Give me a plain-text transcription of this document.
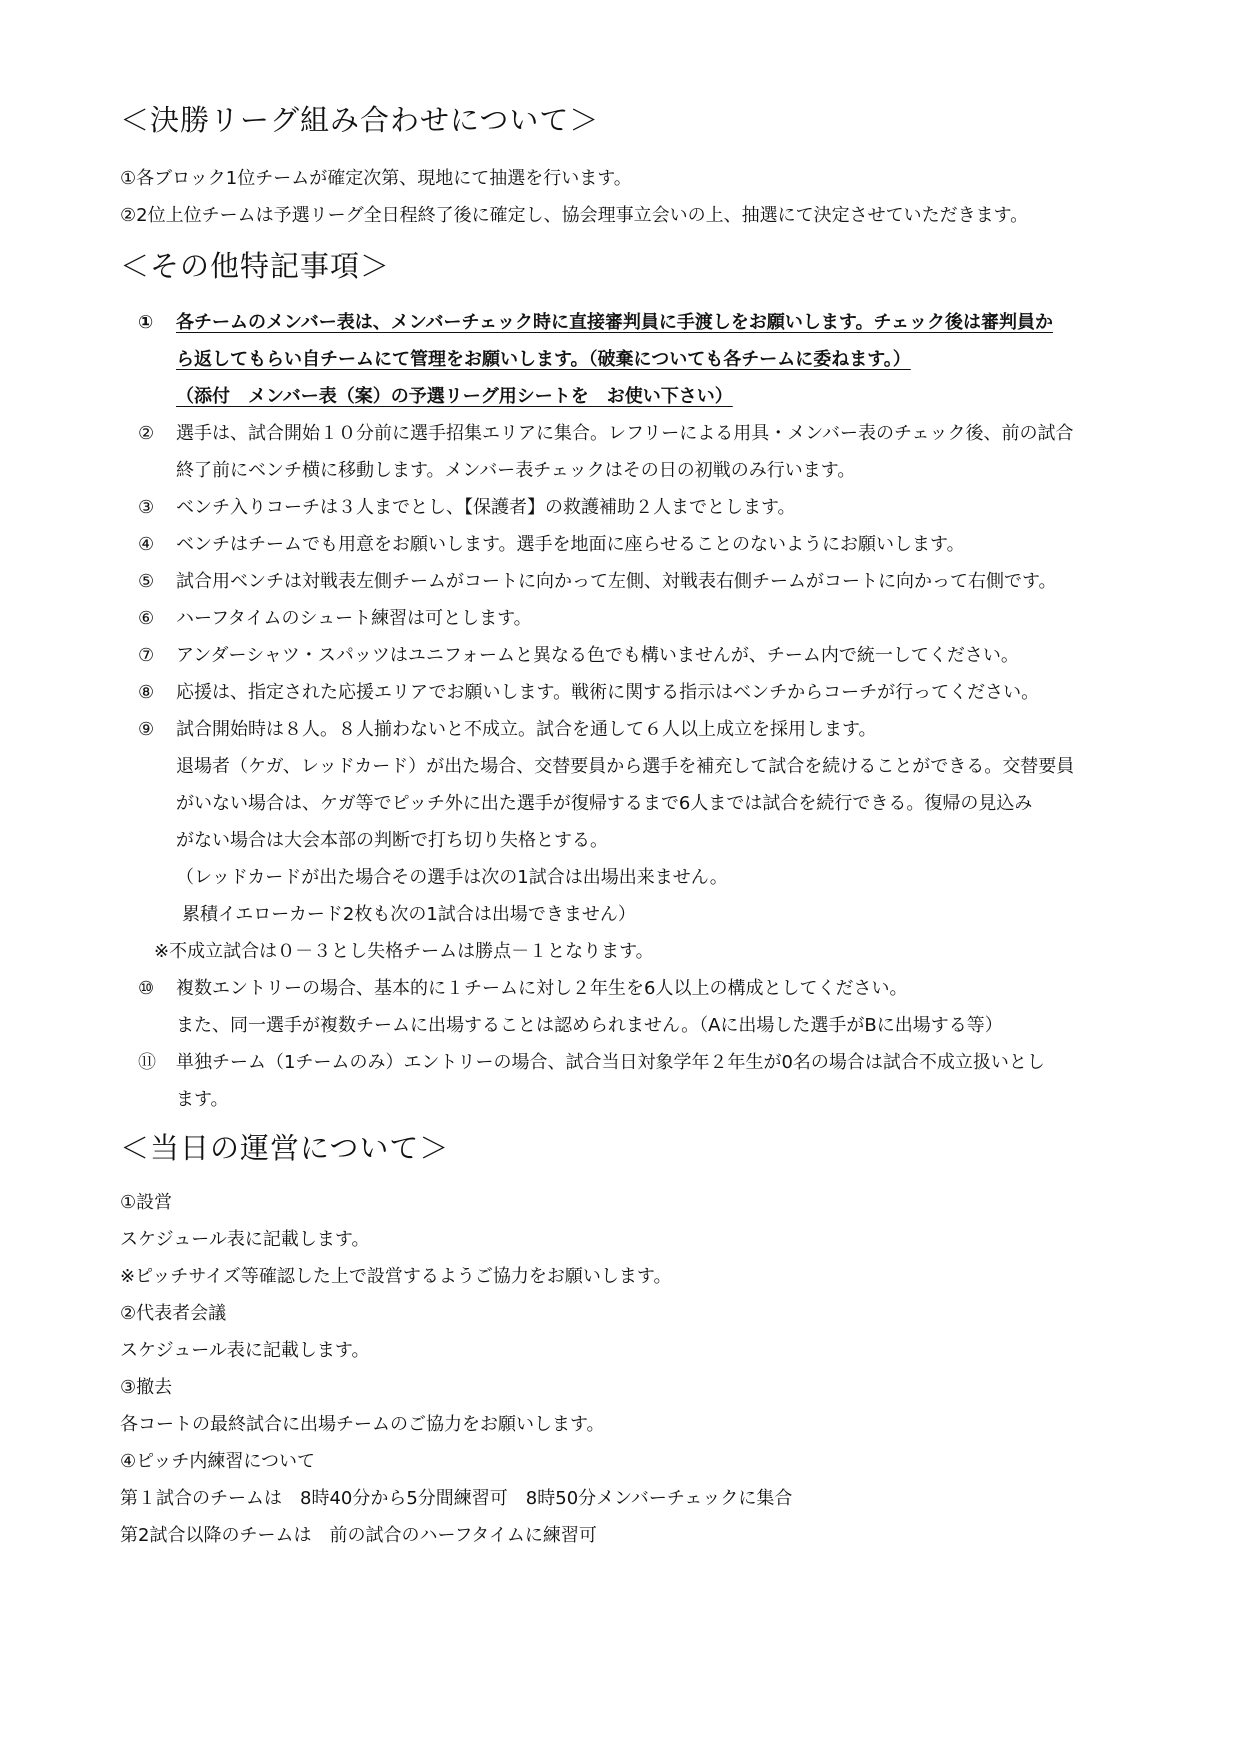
＜決勝リーグ組み合わせについて＞
①各ブロック1位チームが確定次第、現地にて抽選を行います。
②2位上位チームは予選リーグ全日程終了後に確定し、協会理事立会いの上、抽選にて決定させていただきます。
＜その他特記事項＞
①	各チームのメンバー表は、メンバーチェック時に直接審判員に手渡しをお願いします。チェック後は審判員か
ら返してもらい自チームにて管理をお願いします。（破棄についても各チームに委ねます。）
（添付　メンバー表（案）の予選リーグ用シートを　お使い下さい）
②	選手は、試合開始１０分前に選手招集エリアに集合。レフリーによる用具・メンバー表のチェック後、前の試合
終了前にベンチ横に移動します。メンバー表チェックはその日の初戦のみ行います。
③	ベンチ入りコーチは３人までとし、【保護者】の救護補助２人までとします。
④	ベンチはチームでも用意をお願いします。選手を地面に座らせることのないようにお願いします。
⑤	試合用ベンチは対戦表左側チームがコートに向かって左側、対戦表右側チームがコートに向かって右側です。
⑥	ハーフタイムのシュート練習は可とします。
⑦	アンダーシャツ・スパッツはユニフォームと異なる色でも構いませんが、チーム内で統一してください。
⑧	応援は、指定された応援エリアでお願いします。戦術に関する指示はベンチからコーチが行ってください。
⑨	試合開始時は８人。８人揃わないと不成立。試合を通して６人以上成立を採用します。
退場者（ケガ、レッドカード）が出た場合、交替要員から選手を補充して試合を続けることができる。交替要員
がいない場合は、ケガ等でピッチ外に出た選手が復帰するまで6人までは試合を続行できる。復帰の見込み
がない場合は大会本部の判断で打ち切り失格とする。
（レッドカードが出た場合その選手は次の1試合は出場出来ません。
累積イエローカード2枚も次の1試合は出場できません）
※不成立試合は０－３とし失格チームは勝点－１となります。
⑩	複数エントリーの場合、基本的に１チームに対し２年生を6人以上の構成としてください。
また、同一選手が複数チームに出場することは認められません。（Aに出場した選手がBに出場する等）
⑪	単独チーム（1チームのみ）エントリーの場合、試合当日対象学年２年生が0名の場合は試合不成立扱いとし
ます。
＜当日の運営について＞
①設営
スケジュール表に記載します。
※ピッチサイズ等確認した上で設営するようご協力をお願いします。
②代表者会議
スケジュール表に記載します。
③撤去
各コートの最終試合に出場チームのご協力をお願いします。
④ピッチ内練習について
第１試合のチームは　8時40分から5分間練習可　8時50分メンバーチェックに集合
第2試合以降のチームは　前の試合のハーフタイムに練習可
